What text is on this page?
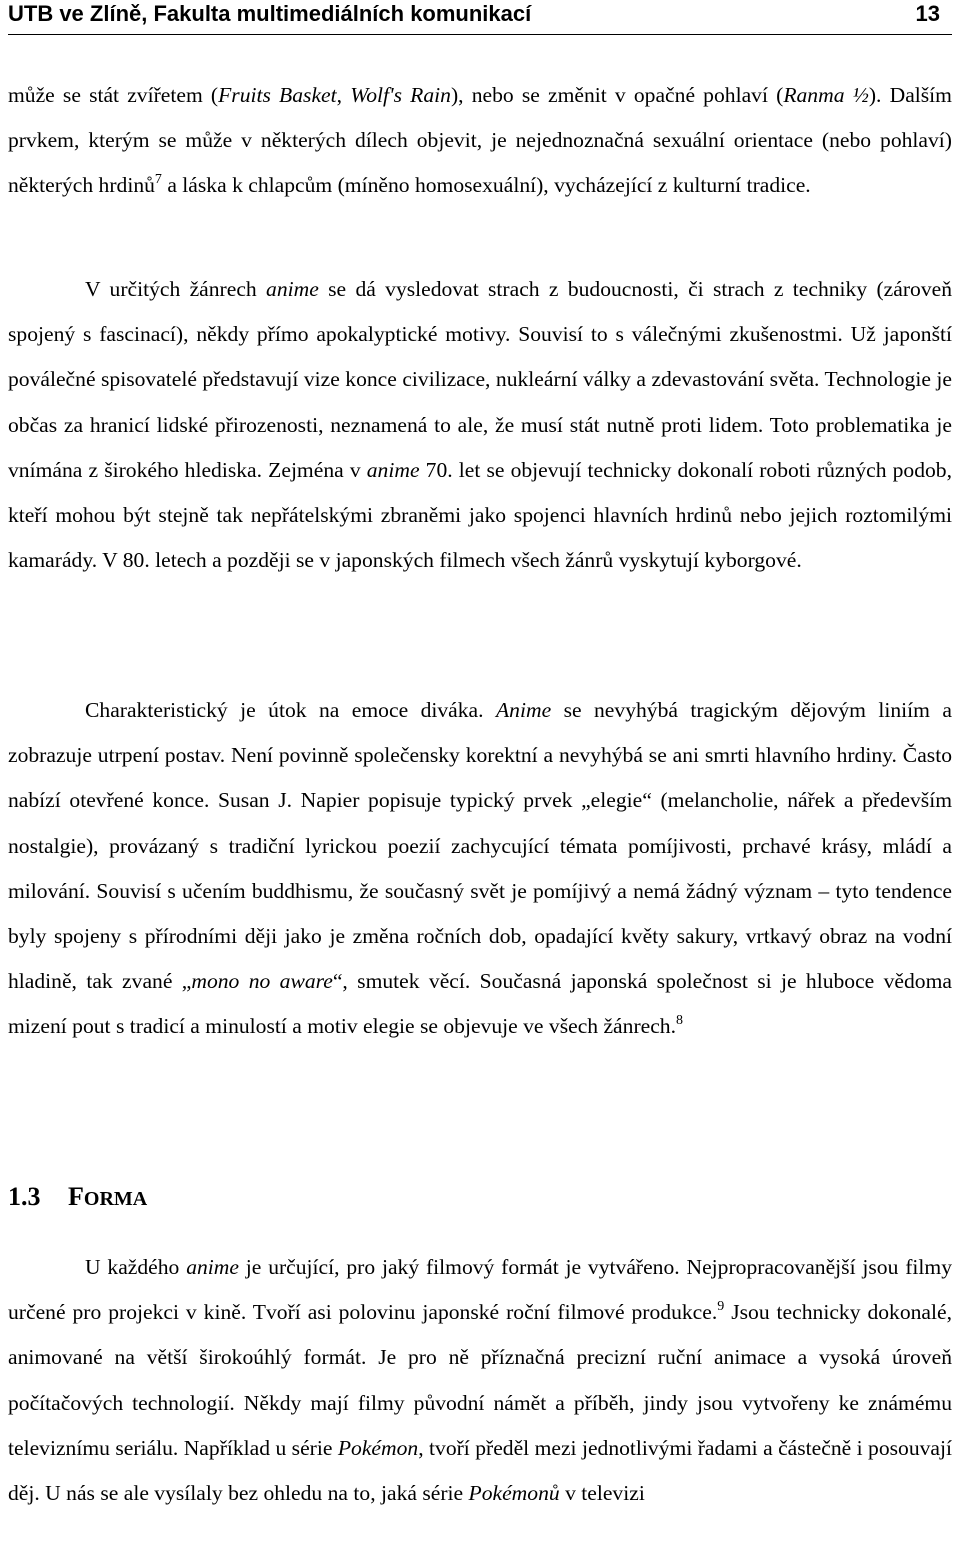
UTB ve Zlíně, Fakulta multimediálních komunikací	13

může se stát zvířetem (Fruits Basket, Wolf's Rain), nebo se změnit v opačné pohlaví (Ranma ½). Dalším prvkem, kterým se může v některých dílech objevit, je nejednoznačná sexuální orientace (nebo pohlaví) některých hrdinů$^7$ a láska k chlapcům (míněno homosexuální), vycházející z kulturní tradice.

V určitých žánrech anime se dá vysledovat strach z budoucnosti, či strach z techniky (zároveň spojený s fascinací), někdy přímo apokalyptické motivy. Souvisí to s válečnými zkušenostmi. Už japonští poválečné spisovatelé představují vize konce civilizace, nukleární války a zdevastování světa. Technologie je občas za hranicí lidské přirozenosti, neznamená to ale, že musí stát nutně proti lidem. Toto problematika je vnímána z širokého hlediska. Zejména v anime 70. let se objevují technicky dokonalí roboti různých podob, kteří mohou být stejně tak nepřátelskými zbraněmi jako spojenci hlavních hrdinů nebo jejich roztomilými kamarády. V 80. letech a později se v japonských filmech všech žánrů vyskytují kyborgové.

Charakteristický je útok na emoce diváka. Anime se nevyhýbá tragickým dějovým liniím a zobrazuje utrpení postav. Není povinně společensky korektní a nevyhýbá se ani smrti hlavního hrdiny. Často nabízí otevřené konce. Susan J. Napier popisuje typický prvek „elegie“ (melancholie, nářek a především nostalgie), provázaný s tradiční lyrickou poezií zachycující témata pomíjivosti, prchavé krásy, mládí a milování. Souvisí s učením buddhismu, že současný svět je pomíjivý a nemá žádný význam – tyto tendence byly spojeny s přírodními ději jako je změna ročních dob, opadající květy sakury, vrtkavý obraz na vodní hladině, tak zvané „mono no aware“, smutek věcí. Současná japonská společnost si je hluboce vědoma mizení pout s tradicí a minulostí a motiv elegie se objevuje ve všech žánrech.$^8$

1.3 FORMA

U každého anime je určující, pro jaký filmový formát je vytvářeno. Nejpropracovanější jsou filmy určené pro projekci v kině. Tvoří asi polovinu japonské roční filmové produkce.$^9$ Jsou technicky dokonalé, animované na větší širokoúhlý formát. Je pro ně příznačná precizní ruční animace a vysoká úroveň počítačových technologií. Někdy mají filmy původní námět a příběh, jindy jsou vytvořeny ke známému televiznímu seriálu. Například u série Pokémon, tvoří předěl mezi jednotlivými řadami a částečně i posouvají děj. U nás se ale vysílaly bez ohledu na to, jaká série Pokémonů v televizi
